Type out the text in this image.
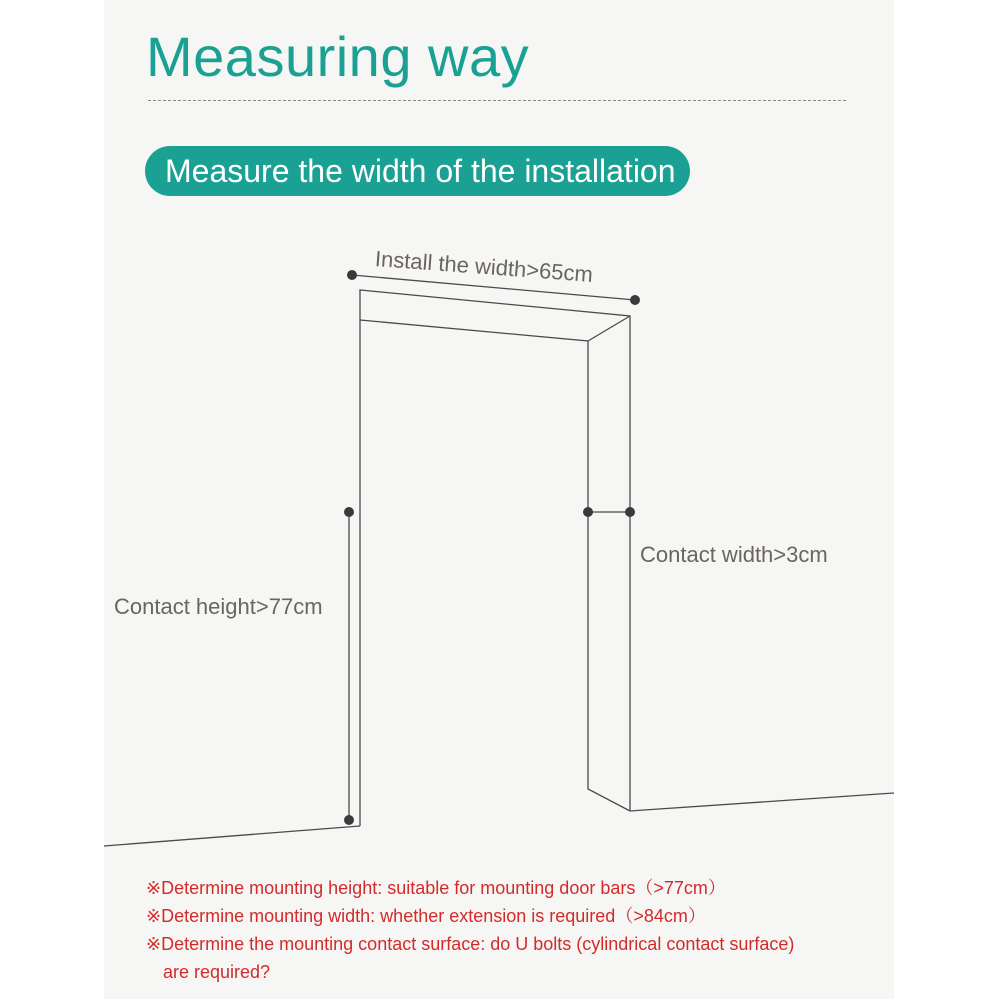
Measuring way
Measure the width of the installation
Install the width>65cm
Contact width>3cm
Contact height>77cm
※Determine mounting height: suitable for mounting door bars（>77cm）
※Determine mounting width: whether extension is required（>84cm）
※Determine the mounting contact surface: do U bolts (cylindrical contact surface)
are required?
